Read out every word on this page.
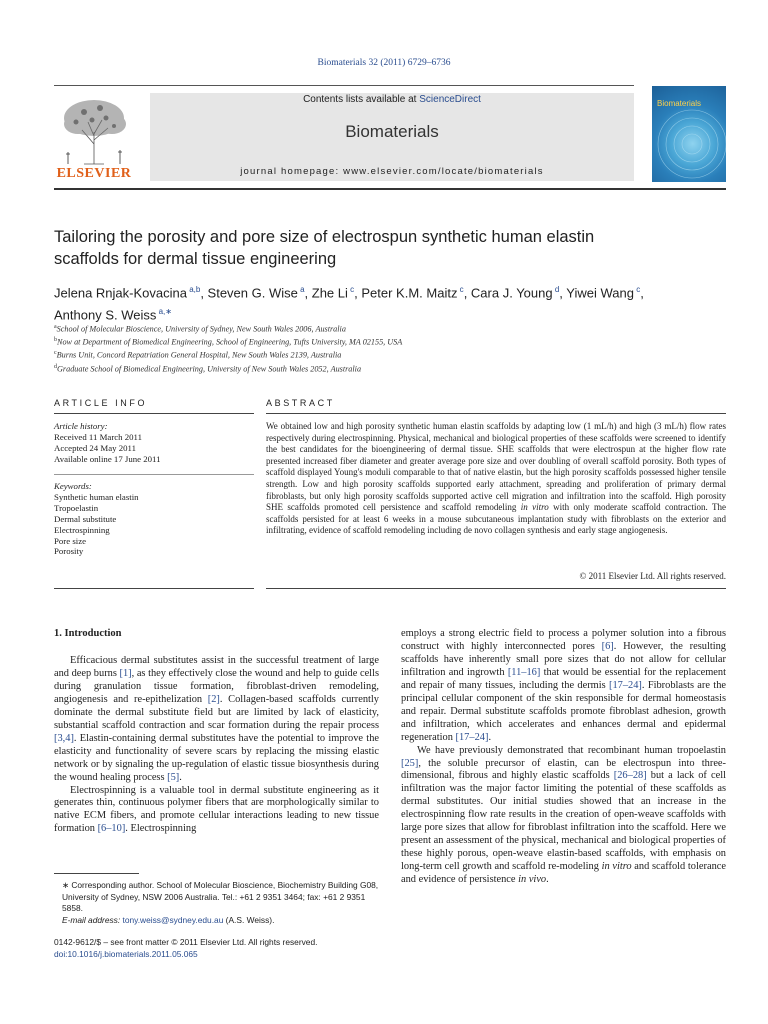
Biomaterials 32 (2011) 6729–6736
ELSEVIER
Contents lists available at ScienceDirect
Biomaterials
journal homepage: www.elsevier.com/locate/biomaterials
Biomaterials
Tailoring the porosity and pore size of electrospun synthetic human elastin
scaffolds for dermal tissue engineering
Jelena Rnjak-Kovacina $^{a,b}$, Steven G. Wise $^a$, Zhe Li $^c$, Peter K.M. Maitz $^c$, Cara J. Young $^d$, Yiwei Wang $^c$,
Anthony S. Weiss $^{a,∗}$
$^a$School of Molecular Bioscience, University of Sydney, New South Wales 2006, Australia
$^b$Now at Department of Biomedical Engineering, School of Engineering, Tufts University, MA 02155, USA
$^c$Burns Unit, Concord Repatriation General Hospital, New South Wales 2139, Australia
$^d$Graduate School of Biomedical Engineering, University of New South Wales 2052, Australia
ARTICLE INFO	ABSTRACT
Article history:
Received 11 March 2011
Accepted 24 May 2011
Available online 17 June 2011
Keywords:
Synthetic human elastin
Tropoelastin
Dermal substitute
Electrospinning
Pore size
Porosity
We obtained low and high porosity synthetic human elastin scaffolds by adapting low (1 mL/h) and high (3 mL/h) flow rates respectively during electrospinning. Physical, mechanical and biological properties of these scaffolds were screened to identify the best candidates for the bioengineering of dermal tissue. SHE scaffolds that were electrospun at the higher flow rate presented increased fiber diameter and greater average pore size and over doubling of overall scaffold porosity. Both types of scaffold displayed Young's moduli comparable to that of native elastin, but the high porosity scaffolds possessed higher tensile strength. Low and high porosity scaffolds supported early attachment, spreading and proliferation of primary dermal fibroblasts, but only high porosity scaffolds supported active cell migration and infiltration into the scaffold. High porosity SHE scaffolds promoted cell persistence and scaffold remodeling in vitro with only moderate scaffold contraction. The scaffolds persisted for at least 6 weeks in a mouse subcutaneous implantation study with fibroblasts on the exterior and infiltrating, evidence of scaffold remodeling including de novo collagen synthesis and early stage angiogenesis.
© 2011 Elsevier Ltd. All rights reserved.
1. Introduction

Efficacious dermal substitutes assist in the successful treatment of large and deep burns [1], as they effectively close the wound and help to guide cells during granulation tissue formation, fibroblast-driven remodeling, angiogenesis and re-epithelization [2]. Collagen-based scaffolds currently dominate the dermal substitute field but are limited by lack of elasticity, substantial scaffold contraction and scar formation during the repair process [3,4]. Elastin-containing dermal substitutes have the potential to improve the elasticity and functionality of severe scars by replacing the missing elastic network or by signaling the up-regulation of elastic tissue biosynthesis during the wound healing process [5].

Electrospinning is a valuable tool in dermal substitute engineering as it generates thin, continuous polymer fibers that are morphologically similar to native ECM fibers, and promote cellular interactions leading to new tissue formation [6–10]. Electrospinning

employs a strong electric field to process a polymer solution into a fibrous construct with highly interconnected pores [6]. However, the resulting scaffolds have inherently small pore sizes that do not allow for cellular infiltration and ingrowth [11–16] that would be essential for the replacement and repair of many tissues, including the dermis [17–24]. Fibroblasts are the principal cellular component of the skin responsible for dermal homeostasis and repair. Dermal substitute scaffolds promote fibroblast adhesion, growth and infiltration, which accelerates and enhances dermal and epidermal regeneration [17–24].

We have previously demonstrated that recombinant human tropoelastin [25], the soluble precursor of elastin, can be electrospun into three-dimensional, fibrous and highly elastic scaffolds [26–28] but a lack of cell infiltration was the major factor limiting the potential of these scaffolds as dermal substitutes. Our initial studies showed that an increase in the electrospinning flow rate results in the creation of open-weave scaffolds with large pore sizes that allow for fibroblast infiltration into the scaffold. Here we present an assessment of the physical, mechanical and biological properties of these highly porous, open-weave elastin-based scaffolds, with emphasis on long-term cell growth and scaffold re-modeling in vitro and scaffold tolerance and evidence of persistence in vivo.

∗ Corresponding author. School of Molecular Bioscience, Biochemistry Building G08, University of Sydney, NSW 2006 Australia. Tel.: +61 2 9351 3464; fax: +61 2 9351 5858.
E-mail address: tony.weiss@sydney.edu.au (A.S. Weiss).
0142-9612/$ – see front matter © 2011 Elsevier Ltd. All rights reserved.
doi:10.1016/j.biomaterials.2011.05.065
